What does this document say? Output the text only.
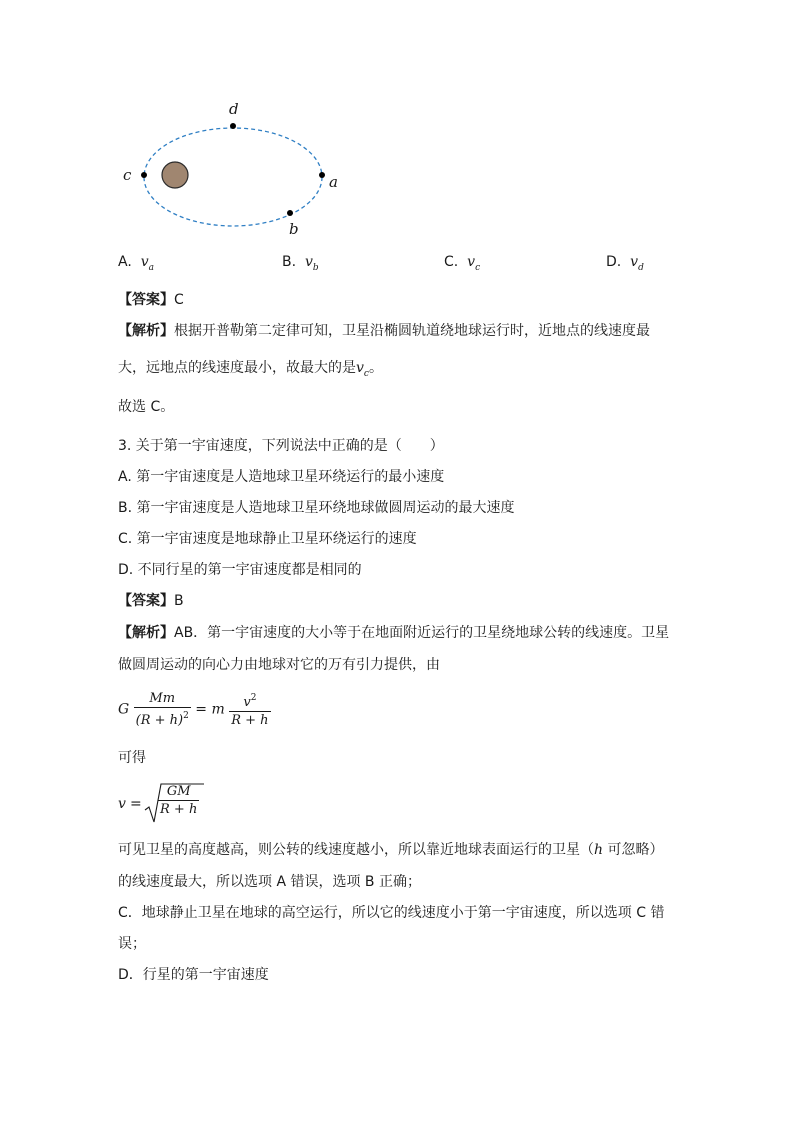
d
c	a
b
A. $v_a$	B. $v_b$	C. $v_c$	D. $v_d$
【答案】C
【解析】根据开普勒第二定律可知，卫星沿椭圆轨道绕地球运行时，近地点的线速度最
大，远地点的线速度最小，故最大的是$v_c$。
故选 C。
3. 关于第一宇宙速度，下列说法中正确的是（　　）
A. 第一宇宙速度是人造地球卫星环绕运行的最小速度
B. 第一宇宙速度是人造地球卫星环绕地球做圆周运动的最大速度
C. 第一宇宙速度是地球静止卫星环绕运行的速度
D. 不同行星的第一宇宙速度都是相同的
【答案】B
【解析】AB．第一宇宙速度的大小等于在地面附近运行的卫星绕地球公转的线速度。卫星
做圆周运动的向心力由地球对它的万有引力提供，由
G $\frac{Mm}{(R + h)^2} = m \frac{v^2}{R + h}$
可得
$v = \frac{GM}{R + h}$
可见卫星的高度越高，则公转的线速度越小，所以靠近地球表面运行的卫星（h 可忽略）
的线速度最大，所以选项 A 错误，选项 B 正确；
C．地球静止卫星在地球的高空运行，所以它的线速度小于第一宇宙速度，所以选项 C 错
误；
D．行星的第一宇宙速度
